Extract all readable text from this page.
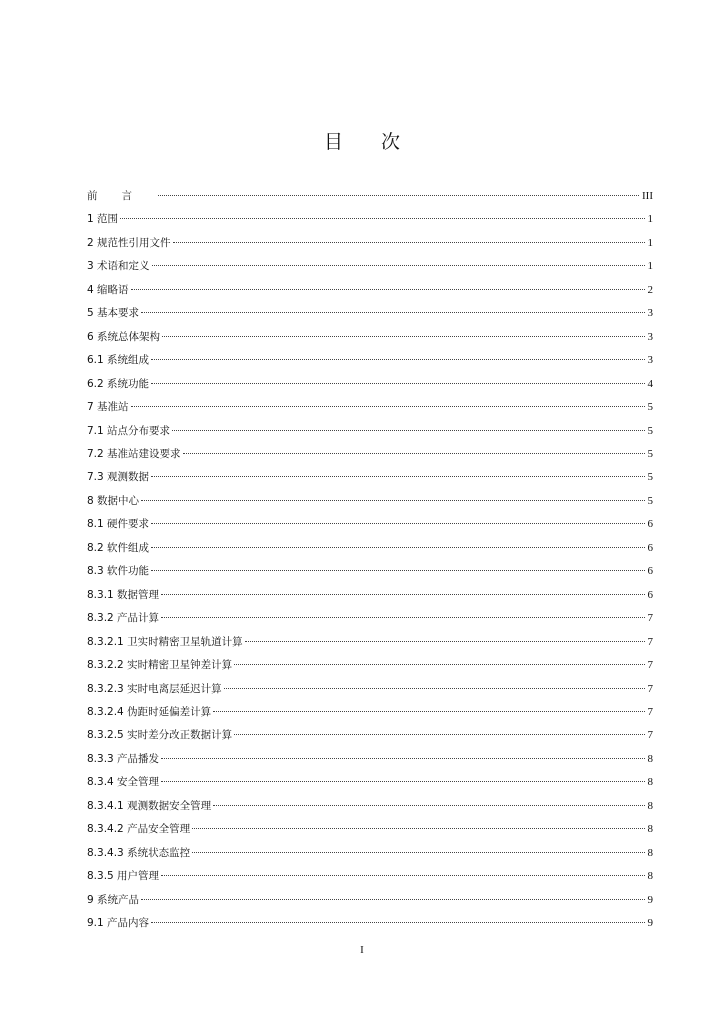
目次
前言	III
1 范围	1
2 规范性引用文件	1
3 术语和定义	1
4 缩略语	2
5 基本要求	3
6 系统总体架构	3
6.1 系统组成	3
6.2 系统功能	4
7 基准站	5
7.1 站点分布要求	5
7.2 基准站建设要求	5
7.3 观测数据	5
8 数据中心	5
8.1 硬件要求	6
8.2 软件组成	6
8.3 软件功能	6
8.3.1 数据管理	6
8.3.2 产品计算	7
8.3.2.1 卫实时精密卫星轨道计算	7
8.3.2.2 实时精密卫星钟差计算	7
8.3.2.3 实时电离层延迟计算	7
8.3.2.4 伪距时延偏差计算	7
8.3.2.5 实时差分改正数据计算	7
8.3.3 产品播发	8
8.3.4 安全管理	8
8.3.4.1 观测数据安全管理	8
8.3.4.2 产品安全管理	8
8.3.4.3 系统状态监控	8
8.3.5 用户管理	8
9 系统产品	9
9.1 产品内容	9
I
